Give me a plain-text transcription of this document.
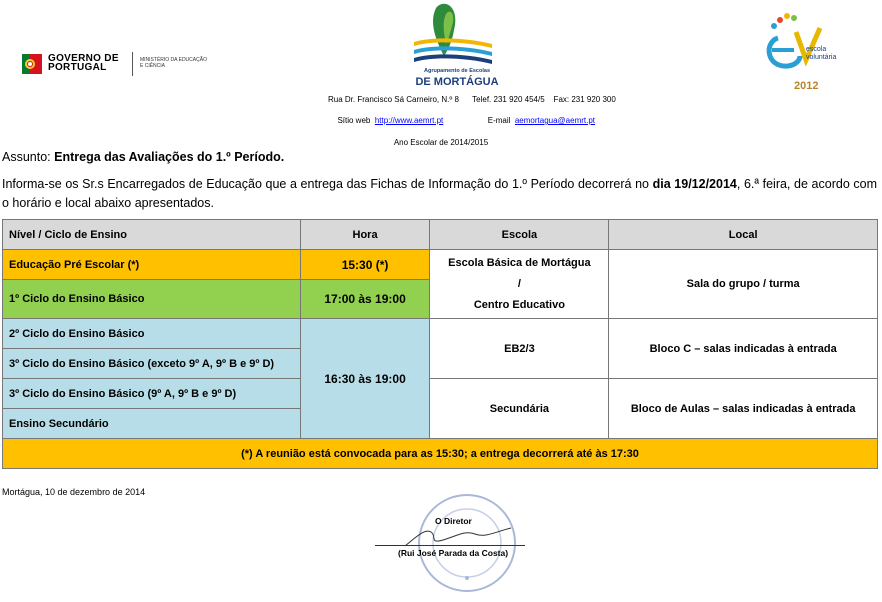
GOVERNO DE
PORTUGAL
MINISTÉRIO DA EDUCAÇÃO
E CIÊNCIA
Agrupamento de Escolas
DE MORTÁGUA
Rua Dr. Francisco Sá Carneiro, N.º 8      Telef. 231 920 454/5    Fax: 231 920 300

Sítio web http://www.aemrt.pt	E-mail aemortagua@aemrt.pt

escola
voluntária
2012
Ano Escolar de 2014/2015
Assunto: Entrega das Avaliações do 1.º Período.
Informa-se os Sr.s Encarregados de Educação que a entrega das Fichas de Informação do 1.º Período decorrerá no dia 19/12/2014, 6.ª feira, de acordo com o horário e local abaixo apresentados.
Nível / Ciclo de Ensino	Hora	Escola	Local
Educação Pré Escolar (*)	15:30 (*)	Escola Básica de Mortágua
/
Centro Educativo	Sala do grupo / turma
1º Ciclo do Ensino Básico	17:00 às 19:00		
2º Ciclo do Ensino Básico	16:30 às 19:00	EB2/3	Bloco C – salas indicadas à entrada
3º Ciclo do Ensino Básico (exceto 9º A, 9º B e 9º D)			
3º Ciclo do Ensino Básico (9º A, 9º B e 9º D)		Secundária	Bloco de Aulas – salas indicadas à entrada
Ensino Secundário			
(*) A reunião está convocada para as 15:30; a entrega decorrerá até às 17:30			
Mortágua, 10 de dezembro de 2014
O Diretor
(Rui José Parada da Costa)
